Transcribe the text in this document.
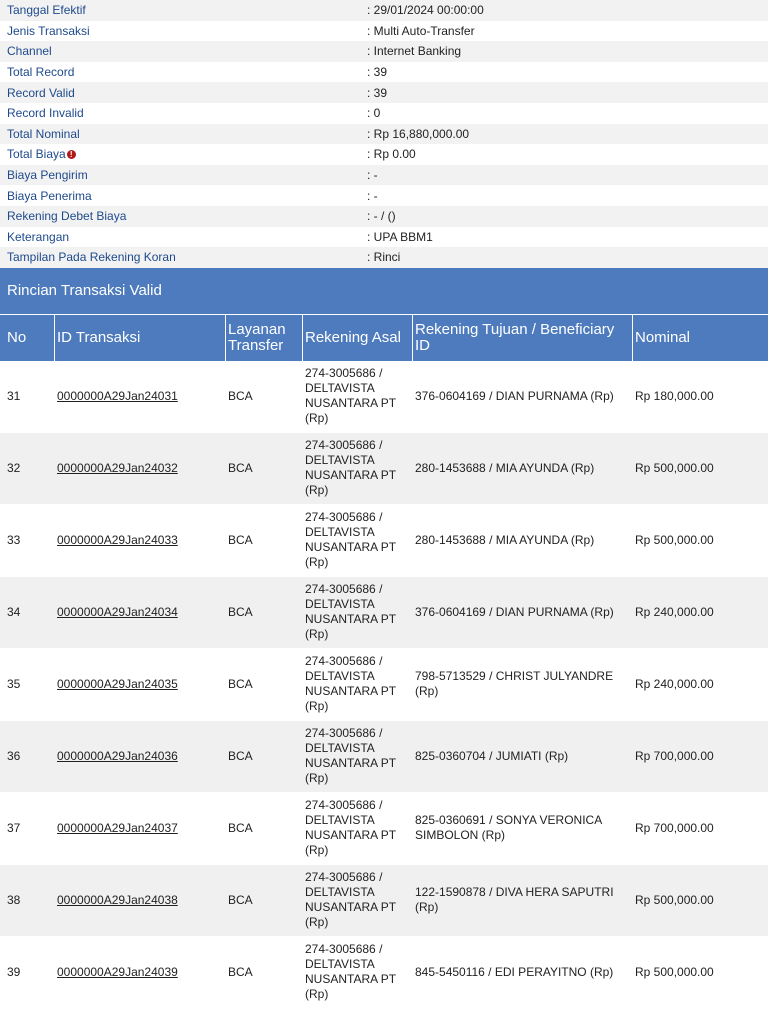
Tanggal Efektif	: 29/01/2024 00:00:00
Jenis Transaksi	: Multi Auto-Transfer
Channel	: Internet Banking
Total Record	: 39
Record Valid	: 39
Record Invalid	: 0
Total Nominal	: Rp 16,880,000.00
Total Biaya !	: Rp 0.00
Biaya Pengirim	: -
Biaya Penerima	: -
Rekening Debet Biaya	: - / ()
Keterangan	: UPA BBM1
Tampilan Pada Rekening Koran	: Rinci
Rincian Transaksi Valid
No	ID Transaksi	Layanan Transfer	Rekening Asal	Rekening Tujuan / Beneficiary ID	Nominal
31	0000000A29Jan24031	BCA	274-3005686 / DELTAVISTA NUSANTARA PT (Rp)	376-0604169 / DIAN PURNAMA (Rp)	Rp 180,000.00
32	0000000A29Jan24032	BCA	274-3005686 / DELTAVISTA NUSANTARA PT (Rp)	280-1453688 / MIA AYUNDA (Rp)	Rp 500,000.00
33	0000000A29Jan24033	BCA	274-3005686 / DELTAVISTA NUSANTARA PT (Rp)	280-1453688 / MIA AYUNDA (Rp)	Rp 500,000.00
34	0000000A29Jan24034	BCA	274-3005686 / DELTAVISTA NUSANTARA PT (Rp)	376-0604169 / DIAN PURNAMA (Rp)	Rp 240,000.00
35	0000000A29Jan24035	BCA	274-3005686 / DELTAVISTA NUSANTARA PT (Rp)	798-5713529 / CHRIST JULYANDRE (Rp)	Rp 240,000.00
36	0000000A29Jan24036	BCA	274-3005686 / DELTAVISTA NUSANTARA PT (Rp)	825-0360704 / JUMIATI (Rp)	Rp 700,000.00
37	0000000A29Jan24037	BCA	274-3005686 / DELTAVISTA NUSANTARA PT (Rp)	825-0360691 / SONYA VERONICA SIMBOLON (Rp)	Rp 700,000.00
38	0000000A29Jan24038	BCA	274-3005686 / DELTAVISTA NUSANTARA PT (Rp)	122-1590878 / DIVA HERA SAPUTRI (Rp)	Rp 500,000.00
39	0000000A29Jan24039	BCA	274-3005686 / DELTAVISTA NUSANTARA PT (Rp)	845-5450116 / EDI PERAYITNO (Rp)	Rp 500,000.00
